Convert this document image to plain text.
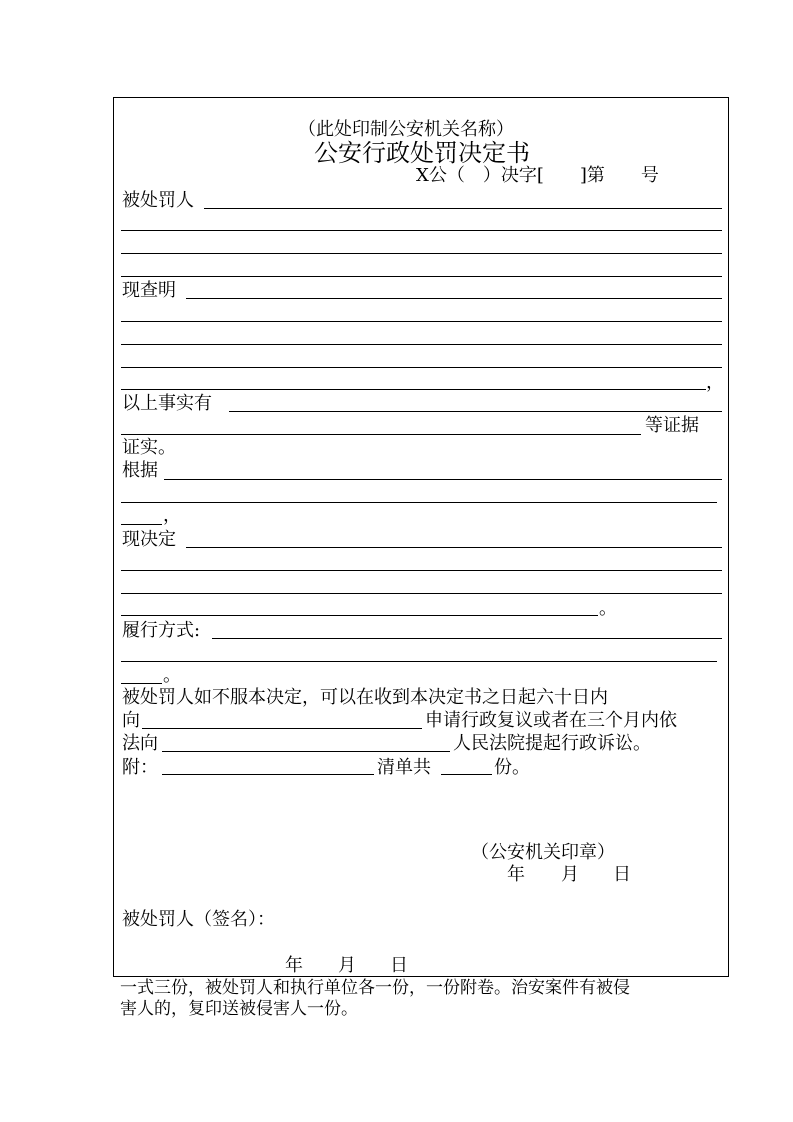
（此处印制公安机关名称）
公安行政处罚决定书
X公（　）决字[　　]第　　号
被处罚人
现查明
，
以上事实有
等证据
证实。
根据
，
现决定
。
履行方式:
。
被处罚人如不服本决定，可以在收到本决定书之日起六十日内
向	申请行政复议或者在三个月内依
法向	人民法院提起行政诉讼。
附：	清单共	份。
（公安机关印章）
年 月 日
被处罚人（签名）：
年 月 日
一式三份，被处罚人和执行单位各一份，一份附卷。治安案件有被侵
害人的，复印送被侵害人一份。
